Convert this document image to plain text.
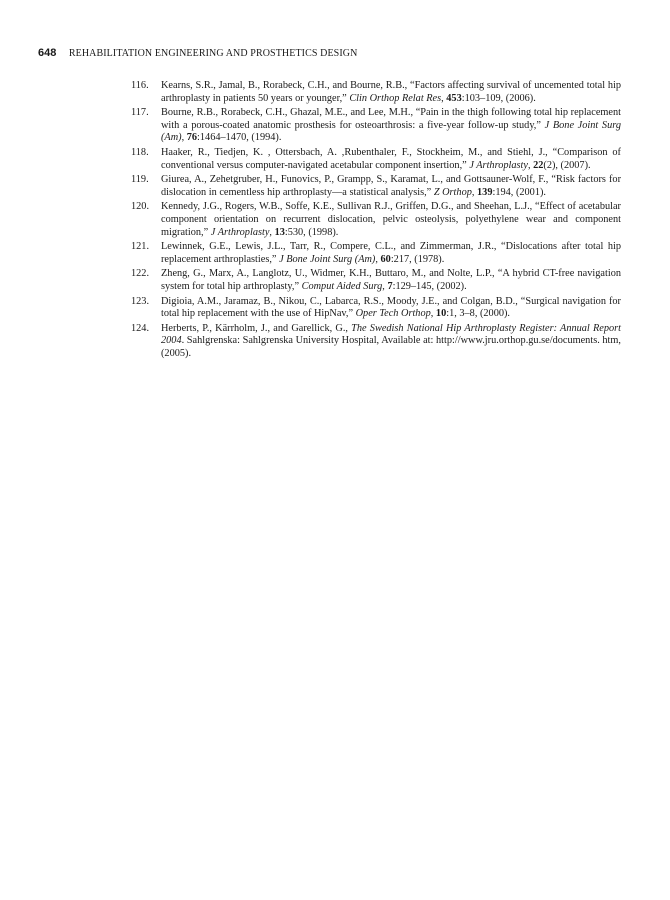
648 REHABILITATION ENGINEERING AND PROSTHETICS DESIGN
116. Kearns, S.R., Jamal, B., Rorabeck, C.H., and Bourne, R.B., “Factors affecting survival of uncemented total hip arthroplasty in patients 50 years or younger,” Clin Orthop Relat Res, 453:103–109, (2006).
117. Bourne, R.B., Rorabeck, C.H., Ghazal, M.E., and Lee, M.H., “Pain in the thigh following total hip replacement with a porous-coated anatomic prosthesis for osteoarthrosis: a five-year follow-up study,” J Bone Joint Surg (Am), 76:1464–1470, (1994).
118. Haaker, R., Tiedjen, K. , Ottersbach, A. ,Rubenthaler, F., Stockheim, M., and Stiehl, J., “Comparison of conventional versus computer-navigated acetabular component insertion,” J Arthroplasty, 22(2), (2007).
119. Giurea, A., Zehetgruber, H., Funovics, P., Grampp, S., Karamat, L., and Gottsauner-Wolf, F., “Risk factors for dislocation in cementless hip arthroplasty—a statistical analysis,” Z Orthop, 139:194, (2001).
120. Kennedy, J.G., Rogers, W.B., Soffe, K.E., Sullivan R.J., Griffen, D.G., and Sheehan, L.J., “Effect of acetabular component orientation on recurrent dislocation, pelvic osteolysis, polyethylene wear and component migration,” J Arthroplasty, 13:530, (1998).
121. Lewinnek, G.E., Lewis, J.L., Tarr, R., Compere, C.L., and Zimmerman, J.R., “Dislocations after total hip replacement arthroplasties,” J Bone Joint Surg (Am), 60:217, (1978).
122. Zheng, G., Marx, A., Langlotz, U., Widmer, K.H., Buttaro, M., and Nolte, L.P., “A hybrid CT-free navigation system for total hip arthroplasty,” Comput Aided Surg, 7:129–145, (2002).
123. Digioia, A.M., Jaramaz, B., Nikou, C., Labarca, R.S., Moody, J.E., and Colgan, B.D., “Surgical navigation for total hip replacement with the use of HipNav,” Oper Tech Orthop, 10:1, 3–8, (2000).
124. Herberts, P., Kärrholm, J., and Garellick, G., The Swedish National Hip Arthroplasty Register: Annual Report 2004. Sahlgrenska: Sahlgrenska University Hospital, Available at: http://www.jru.orthop.gu.se/documents. htm, (2005).
